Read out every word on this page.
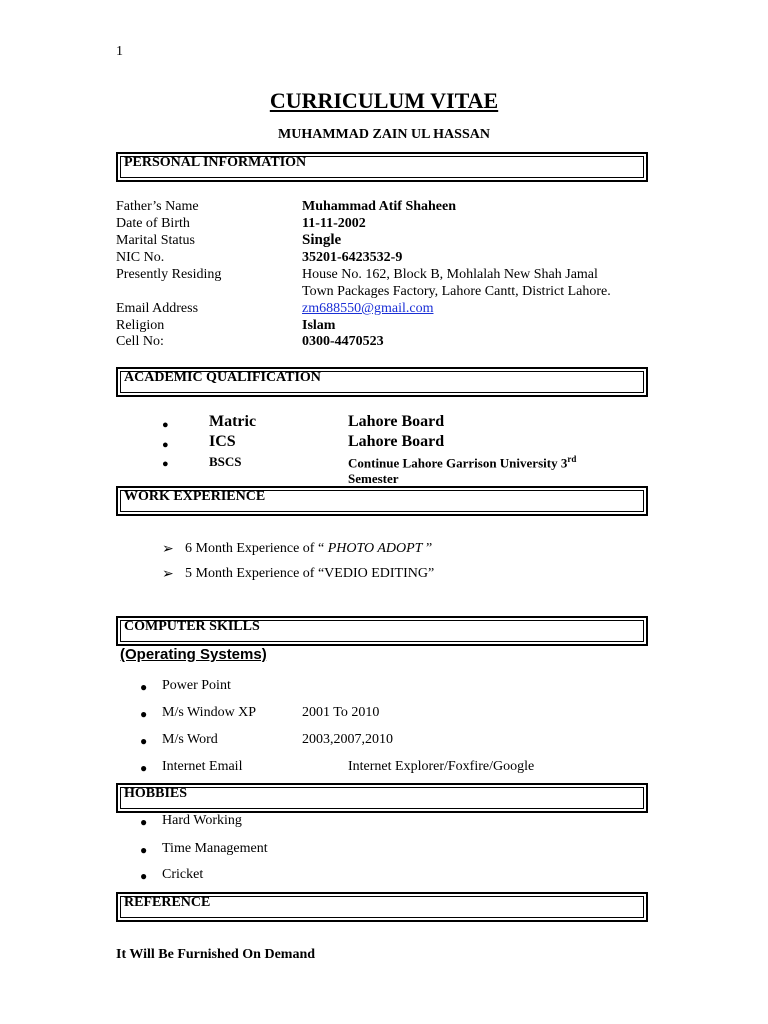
1
CURRICULUM VITAE
MUHAMMAD ZAIN UL HASSAN
PERSONAL INFORMATION
Father’s Name	Muhammad Atif Shaheen
Date of Birth	11-11-2002
Marital Status	Single
NIC No.	35201-6423532-9
Presently Residing	House No. 162, Block B, Mohlalah New Shah Jamal
Town Packages Factory, Lahore Cantt, District Lahore.
Email Address	zm688550@gmail.com
Religion	Islam
Cell No:	0300-4470523
ACADEMIC QUALIFICATION
●	Matric	Lahore Board
●	ICS	Lahore Board
●	BSCS	Continue Lahore Garrison University 3rd
Semester
WORK EXPERIENCE
➢ 6 Month Experience of “ PHOTO ADOPT ”
➢ 5 Month Experience of “VEDIO EDITING”
COMPUTER SKILLS
(Operating Systems)
● Power Point
● M/s Window XP	2001 To 2010
● M/s Word	2003,2007,2010
● Internet Email	Internet Explorer/Foxfire/Google
HOBBIES
● Hard Working
● Time Management
● Cricket
REFERENCE
It Will Be Furnished On Demand
